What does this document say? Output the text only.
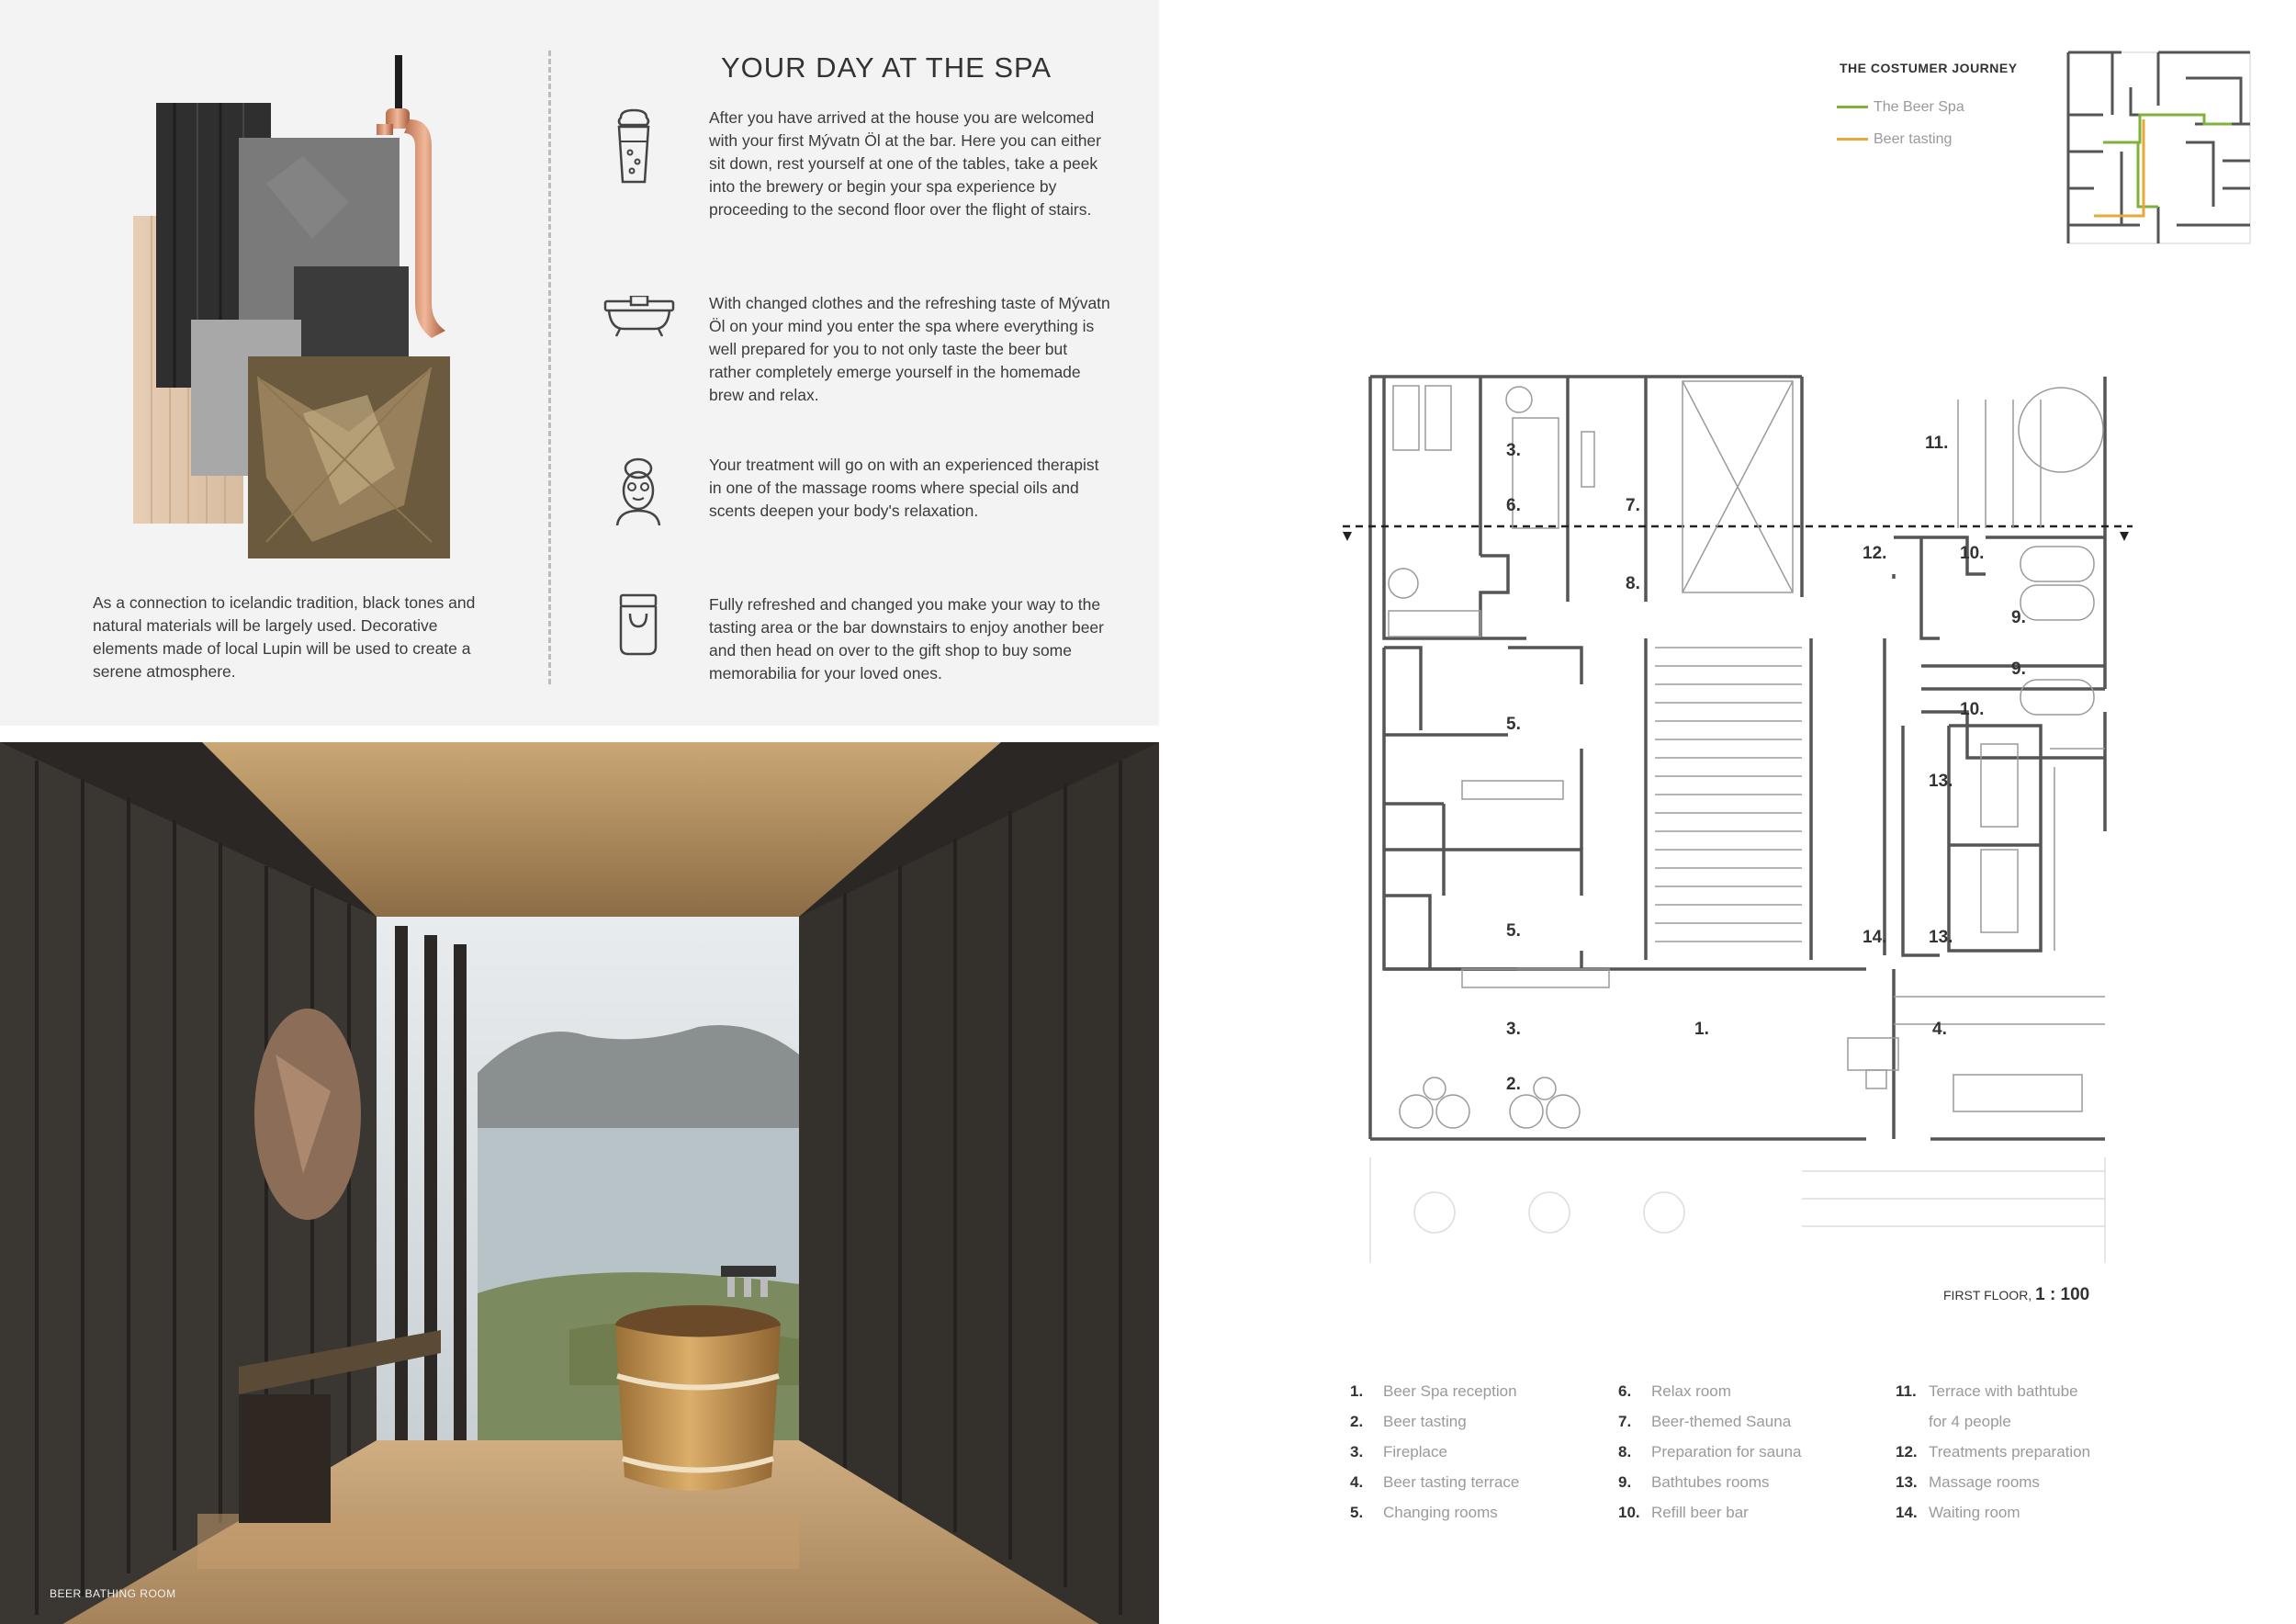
As a connection to icelandic tradition, black tones and natural materials will be largely used. Decorative elements made of local Lupin will be used to create a serene atmosphere.
YOUR DAY AT THE SPA
After you have arrived at the house you are welcomed with your first Mývatn Öl at the bar. Here you can either sit down, rest yourself at one of the tables, take a peek into the brewery or begin your spa experience by proceeding to the second floor over the flight of stairs.
With changed clothes and the refreshing taste of Mývatn Öl on your mind you enter the spa where everything is well prepared for you to not only taste the beer but rather completely emerge yourself in the homemade brew and relax.
Your treatment will go on with an experienced therapist in one of the massage rooms where special oils and scents deepen your body's relaxation.
Fully refreshed and changed you make your way to the tasting area or the bar downstairs to enjoy another beer and then head on over to the gift shop to buy some memorabilia for your loved ones.
BEER BATHING ROOM
THE COSTUMER JOURNEY
The Beer Spa
Beer tasting
3.
6.	7.
8.
11.
12.	10.
9.
9.
10.
5.
13.
5.	14. 13.
3.	1.
2.
4.
FIRST FLOOR, 1 : 100
1. Beer Spa reception
2. Beer tasting
3. Fireplace
4. Beer tasting terrace
5. Changing rooms
6. Relax room
7. Beer-themed Sauna
8. Preparation for sauna
9. Bathtubes rooms
10. Refill beer bar
11. Terrace with bathtube
for 4 people
12. Treatments preparation
13. Massage rooms
14. Waiting room
